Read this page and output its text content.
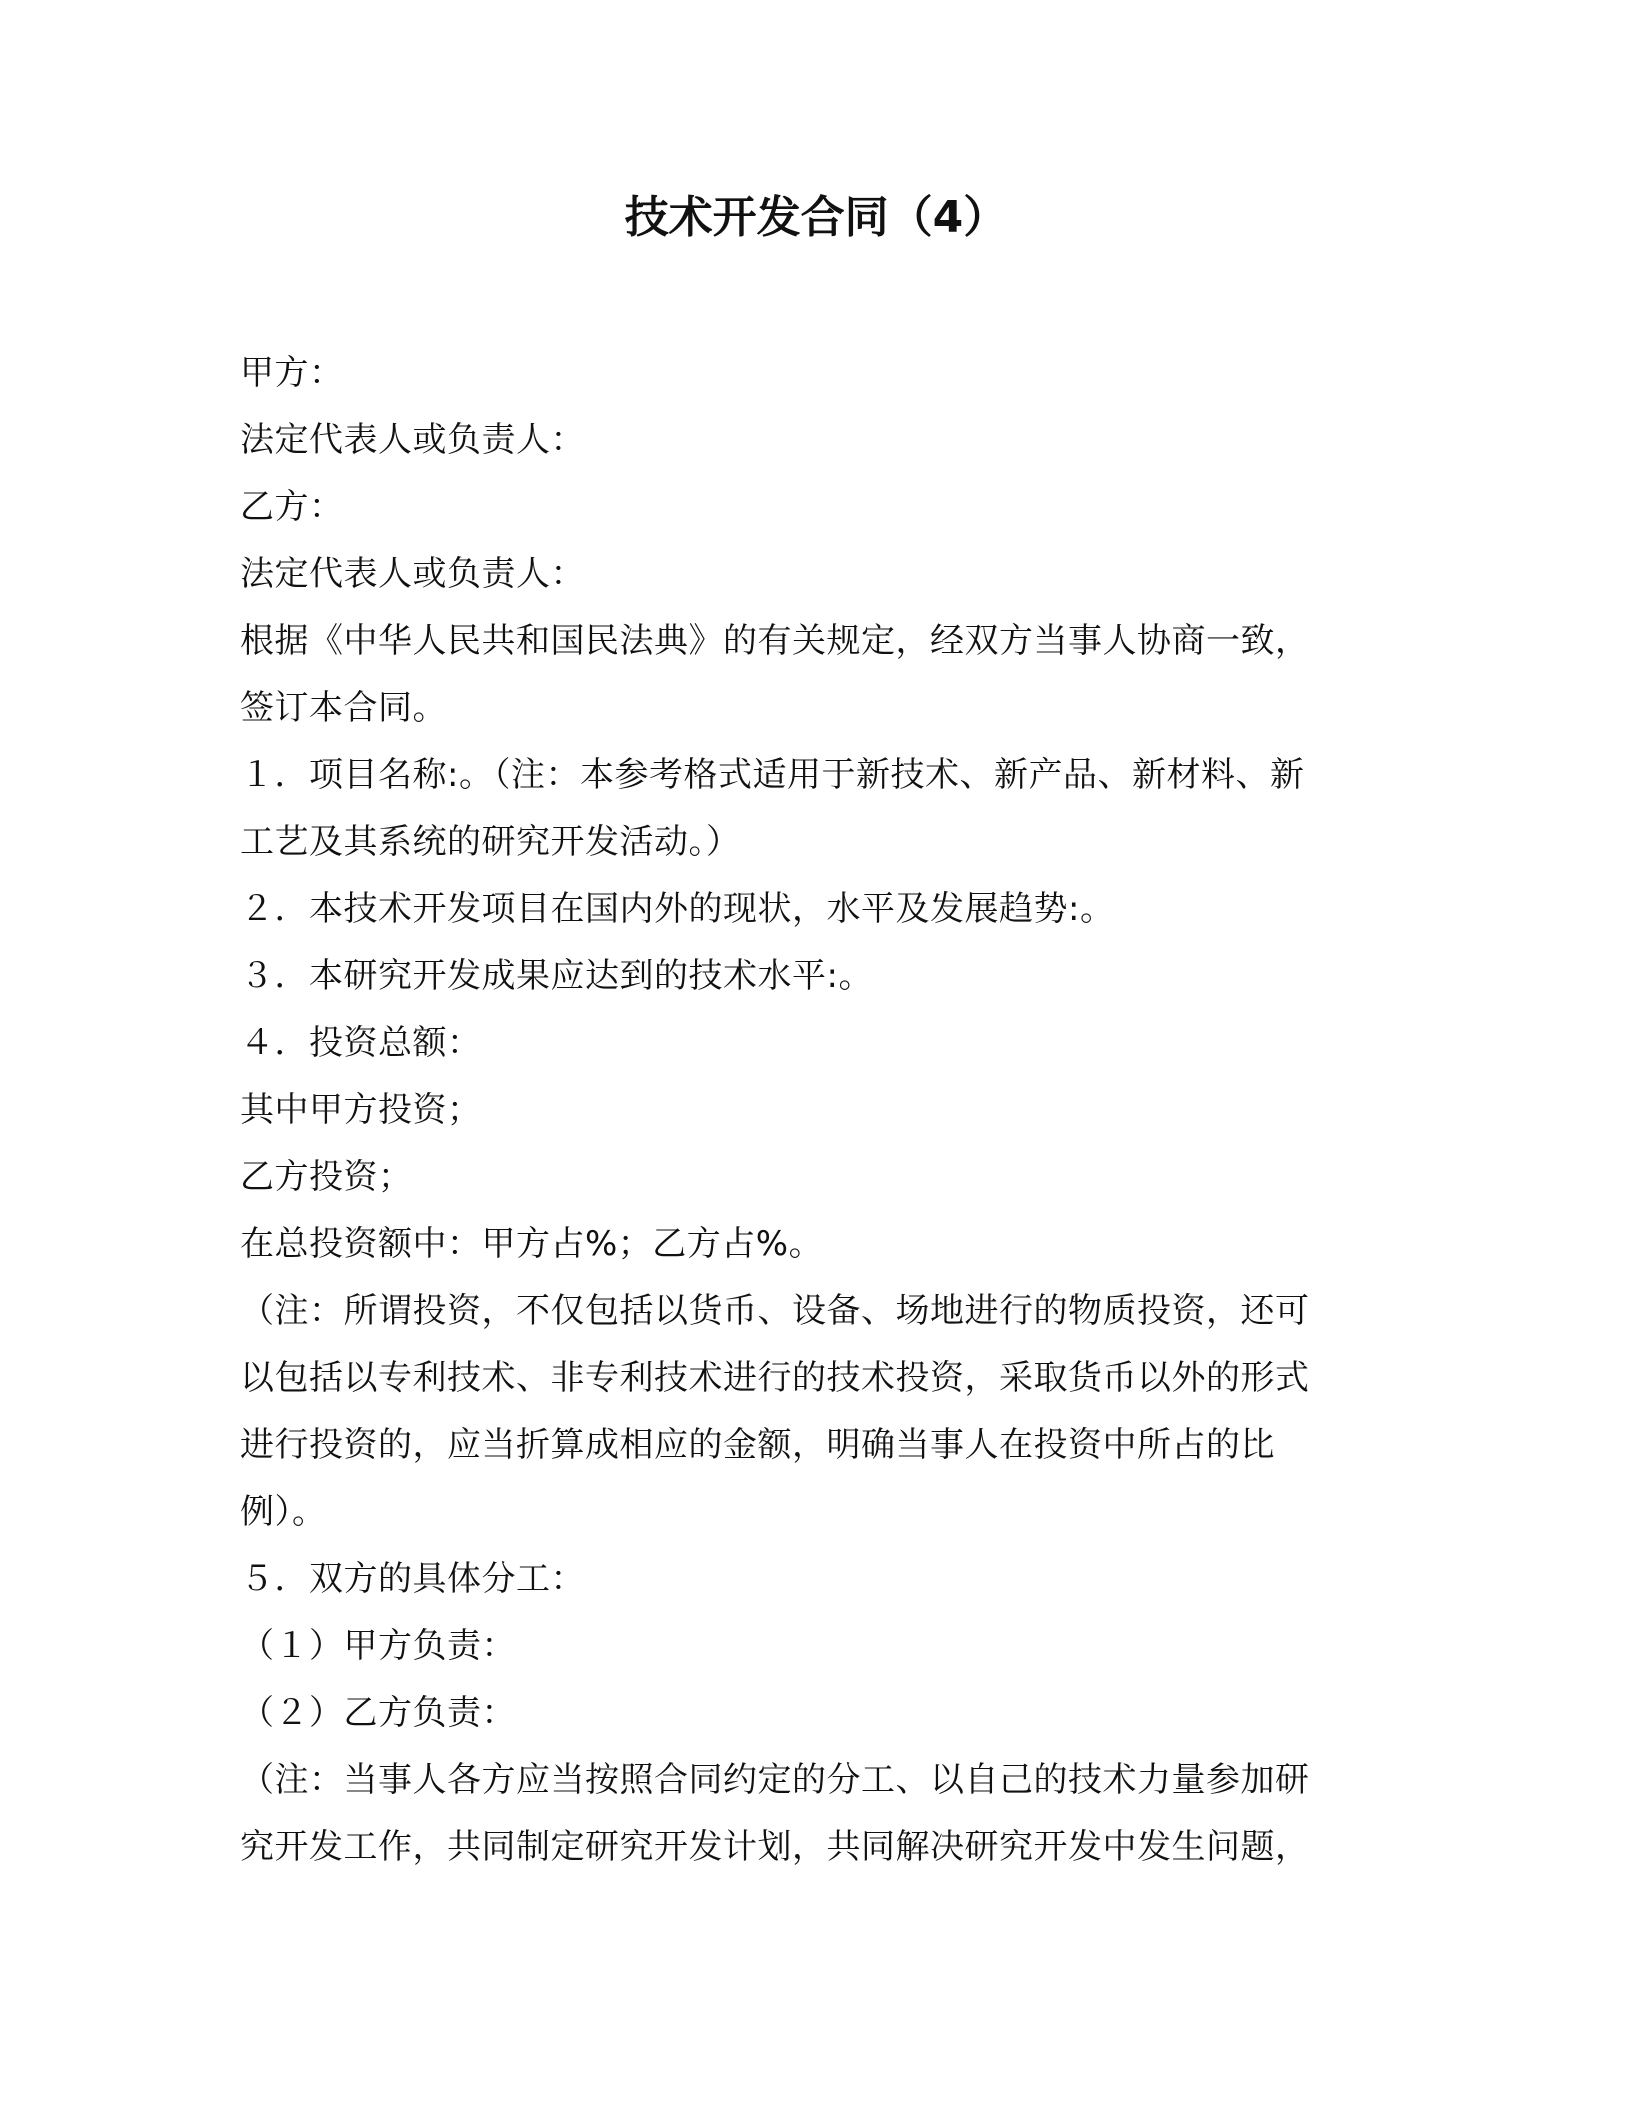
技术开发合同（4）
甲方：
法定代表人或负责人：
乙方：
法定代表人或负责人：
根据《中华人民共和国民法典》的有关规定，经双方当事人协商一致，
签订本合同。
１．项目名称:。（注：本参考格式适用于新技术、新产品、新材料、新
工艺及其系统的研究开发活动。）
２．本技术开发项目在国内外的现状，水平及发展趋势:。
３．本研究开发成果应达到的技术水平:。
４．投资总额：
其中甲方投资；
乙方投资；
在总投资额中：甲方占%；乙方占%。
（注：所谓投资，不仅包括以货币、设备、场地进行的物质投资，还可
以包括以专利技术、非专利技术进行的技术投资，采取货币以外的形式
进行投资的，应当折算成相应的金额，明确当事人在投资中所占的比
例）。
５．双方的具体分工：
（１）甲方负责：
（２）乙方负责：
（注：当事人各方应当按照合同约定的分工、以自己的技术力量参加研
究开发工作，共同制定研究开发计划，共同解决研究开发中发生问题，
